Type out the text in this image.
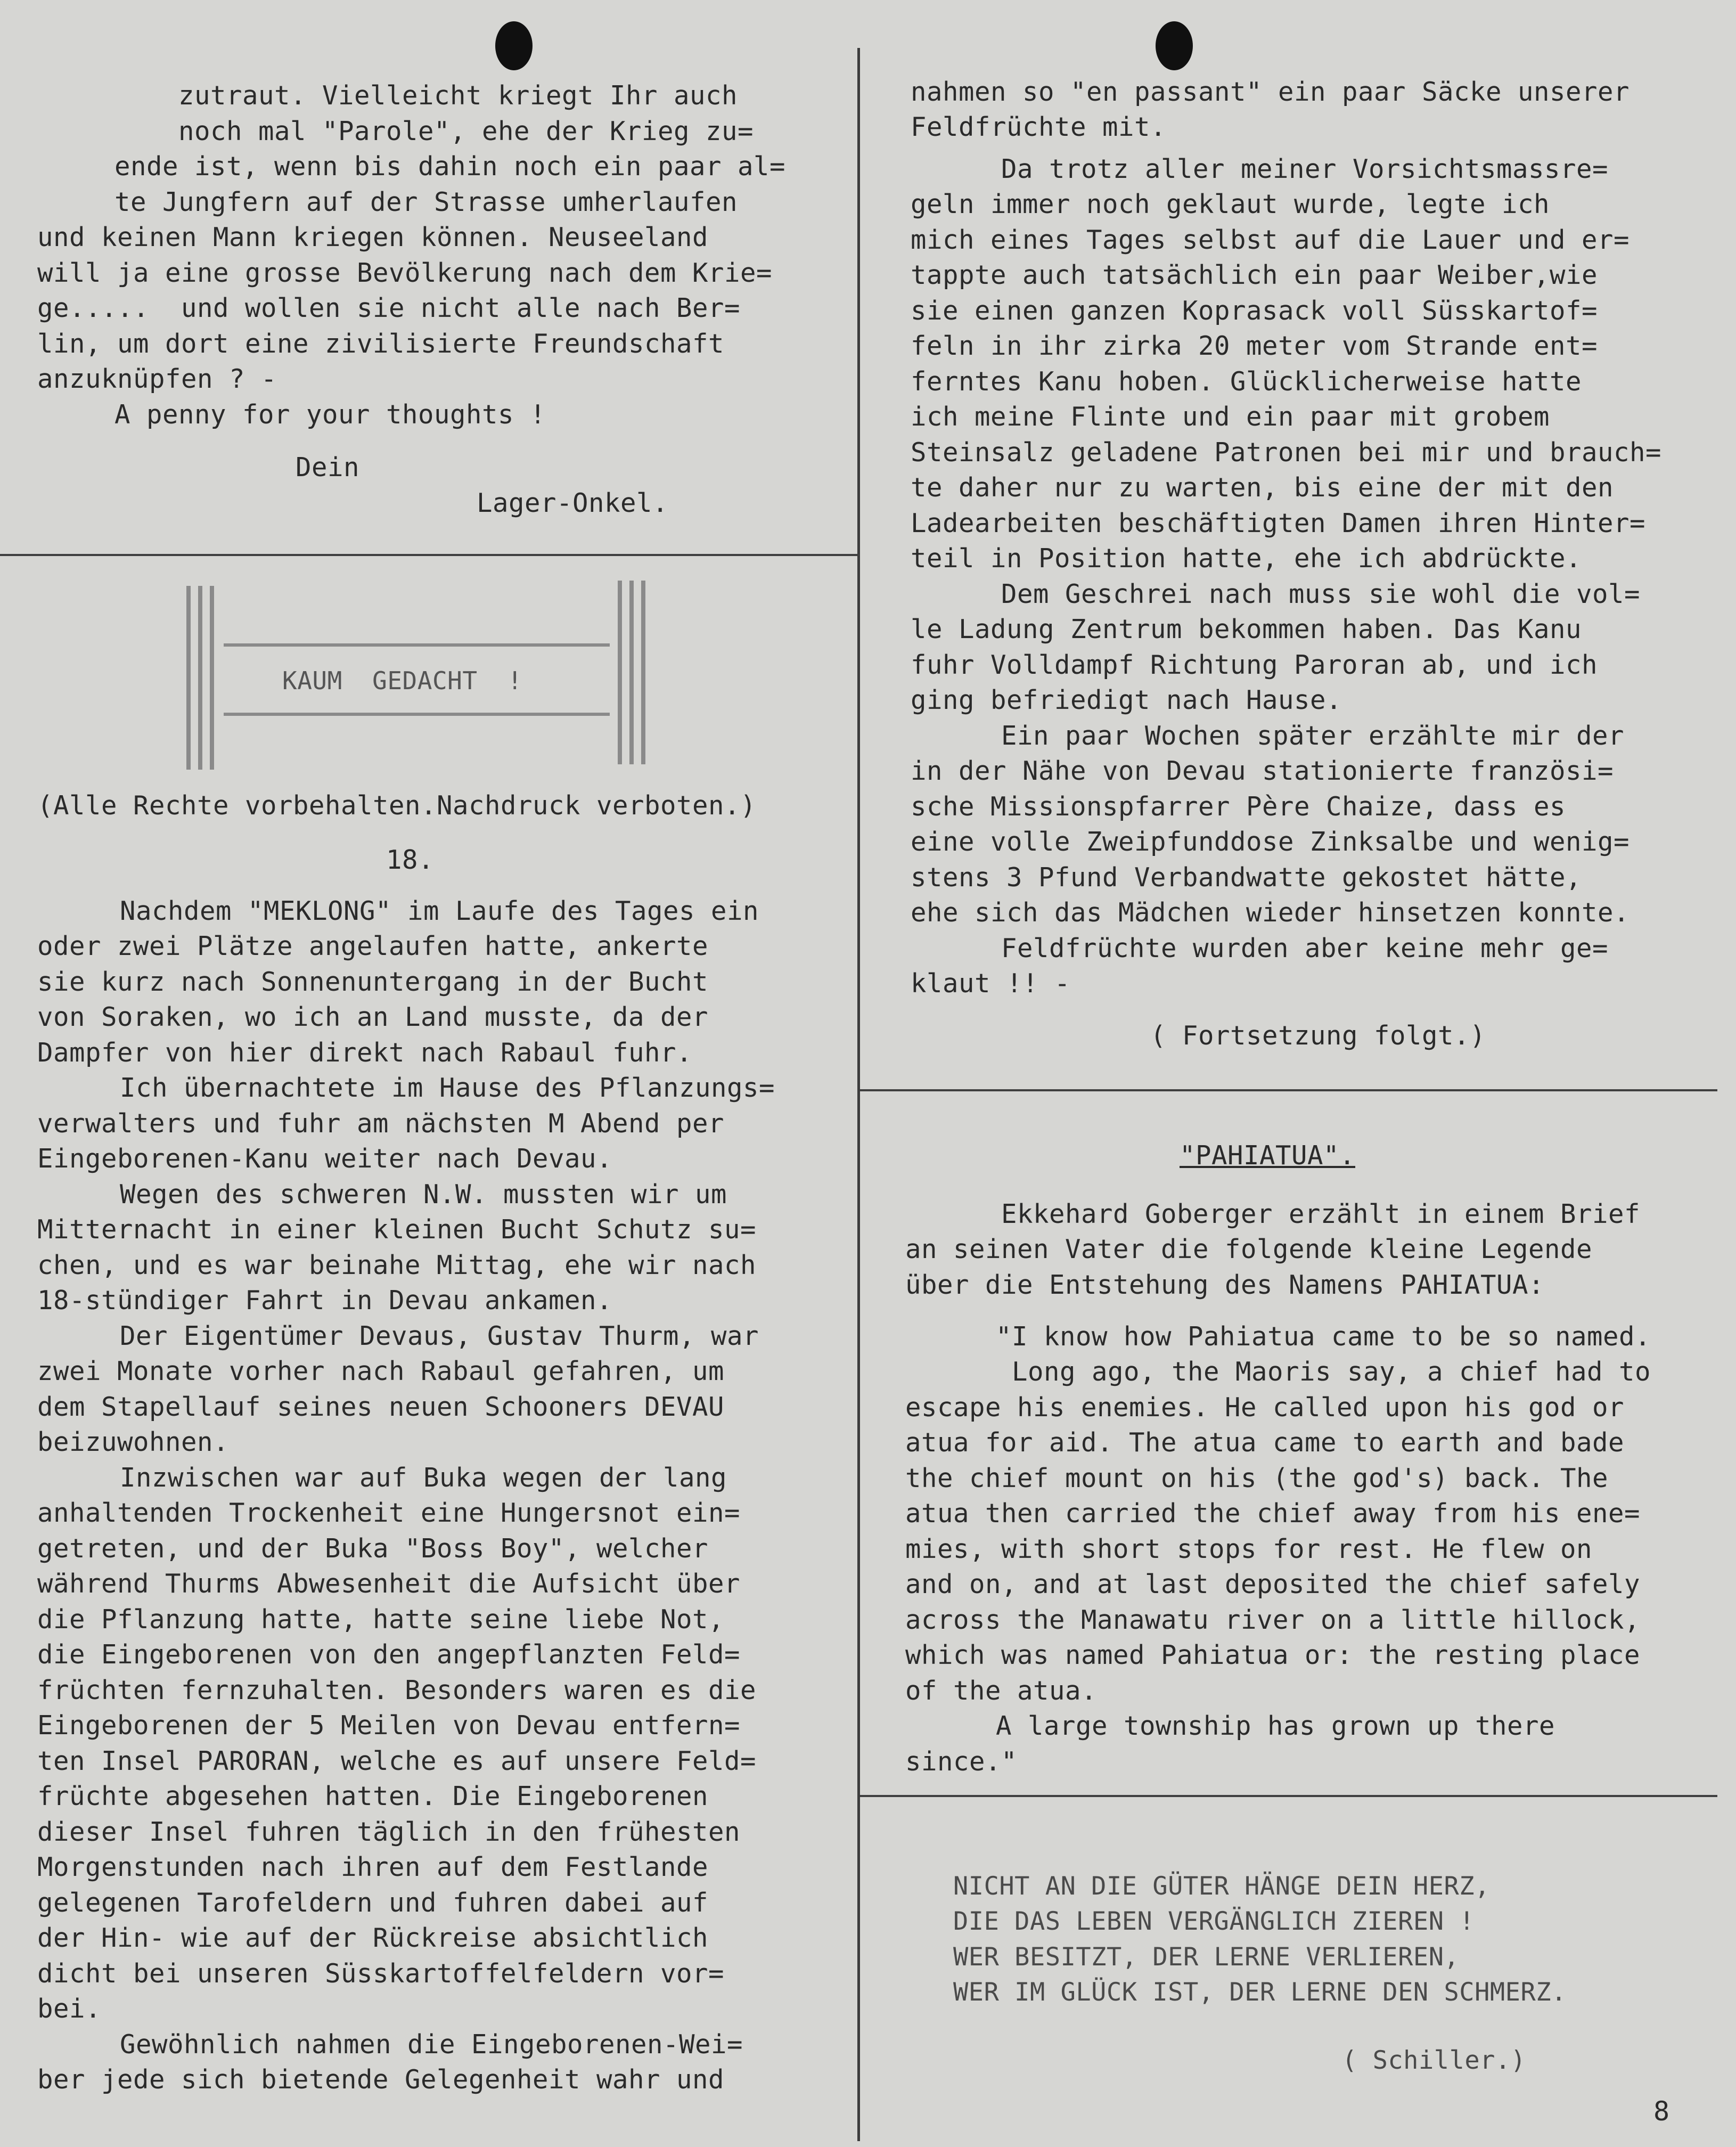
zutraut. Vielleicht kriegt Ihr auch
noch mal "Parole", ehe der Krieg zu=
ende ist, wenn bis dahin noch ein paar al=
te Jungfern auf der Strasse umherlaufen
und keinen Mann kriegen können. Neuseeland
will ja eine grosse Bevölkerung nach dem Krie=
ge.....  und wollen sie nicht alle nach Ber=
lin, um dort eine zivilisierte Freundschaft
anzuknüpfen ? -
A penny for your thoughts !
Dein
Lager-Onkel.
KAUM  GEDACHT  !
(Alle Rechte vorbehalten.Nachdruck verboten.)
18.
Nachdem "MEKLONG" im Laufe des Tages ein
oder zwei Plätze angelaufen hatte, ankerte
sie kurz nach Sonnenuntergang in der Bucht
von Soraken, wo ich an Land musste, da der
Dampfer von hier direkt nach Rabaul fuhr.
Ich übernachtete im Hause des Pflanzungs=
verwalters und fuhr am nächsten M Abend per
Eingeborenen-Kanu weiter nach Devau.
Wegen des schweren N.W. mussten wir um
Mitternacht in einer kleinen Bucht Schutz su=
chen, und es war beinahe Mittag, ehe wir nach
18-stündiger Fahrt in Devau ankamen.
Der Eigentümer Devaus, Gustav Thurm, war
zwei Monate vorher nach Rabaul gefahren, um
dem Stapellauf seines neuen Schooners DEVAU
beizuwohnen.
Inzwischen war auf Buka wegen der lang
anhaltenden Trockenheit eine Hungersnot ein=
getreten, und der Buka "Boss Boy", welcher
während Thurms Abwesenheit die Aufsicht über
die Pflanzung hatte, hatte seine liebe Not,
die Eingeborenen von den angepflanzten Feld=
früchten fernzuhalten. Besonders waren es die
Eingeborenen der 5 Meilen von Devau entfern=
ten Insel PARORAN, welche es auf unsere Feld=
früchte abgesehen hatten. Die Eingeborenen
dieser Insel fuhren täglich in den frühesten
Morgenstunden nach ihren auf dem Festlande
gelegenen Tarofeldern und fuhren dabei auf
der Hin- wie auf der Rückreise absichtlich
dicht bei unseren Süsskartoffelfeldern vor=
bei.
Gewöhnlich nahmen die Eingeborenen-Wei=
ber jede sich bietende Gelegenheit wahr und
nahmen so "en passant" ein paar Säcke unserer
Feldfrüchte mit.
Da trotz aller meiner Vorsichtsmassre=
geln immer noch geklaut wurde, legte ich
mich eines Tages selbst auf die Lauer und er=
tappte auch tatsächlich ein paar Weiber,wie
sie einen ganzen Koprasack voll Süsskartof=
feln in ihr zirka 20 meter vom Strande ent=
ferntes Kanu hoben. Glücklicherweise hatte
ich meine Flinte und ein paar mit grobem
Steinsalz geladene Patronen bei mir und brauch=
te daher nur zu warten, bis eine der mit den
Ladearbeiten beschäftigten Damen ihren Hinter=
teil in Position hatte, ehe ich abdrückte.
Dem Geschrei nach muss sie wohl die vol=
le Ladung Zentrum bekommen haben. Das Kanu
fuhr Volldampf Richtung Paroran ab, und ich
ging befriedigt nach Hause.
Ein paar Wochen später erzählte mir der
in der Nähe von Devau stationierte französi=
sche Missionspfarrer Père Chaize, dass es
eine volle Zweipfunddose Zinksalbe und wenig=
stens 3 Pfund Verbandwatte gekostet hätte,
ehe sich das Mädchen wieder hinsetzen konnte.
Feldfrüchte wurden aber keine mehr ge=
klaut !! -
( Fortsetzung folgt.)
"PAHIATUA".
Ekkehard Goberger erzählt in einem Brief
an seinen Vater die folgende kleine Legende
über die Entstehung des Namens PAHIATUA:
"I know how Pahiatua came to be so named.
Long ago, the Maoris say, a chief had to
escape his enemies. He called upon his god or
atua for aid. The atua came to earth and bade
the chief mount on his (the god's) back. The
atua then carried the chief away from his ene=
mies, with short stops for rest. He flew on
and on, and at last deposited the chief safely
across the Manawatu river on a little hillock,
which was named Pahiatua or: the resting place
of the atua.
A large township has grown up there
since."
NICHT AN DIE GÜTER HÄNGE DEIN HERZ,
DIE DAS LEBEN VERGÄNGLICH ZIEREN !
WER BESITZT, DER LERNE VERLIEREN,
WER IM GLÜCK IST, DER LERNE DEN SCHMERZ.
( Schiller.)
8
